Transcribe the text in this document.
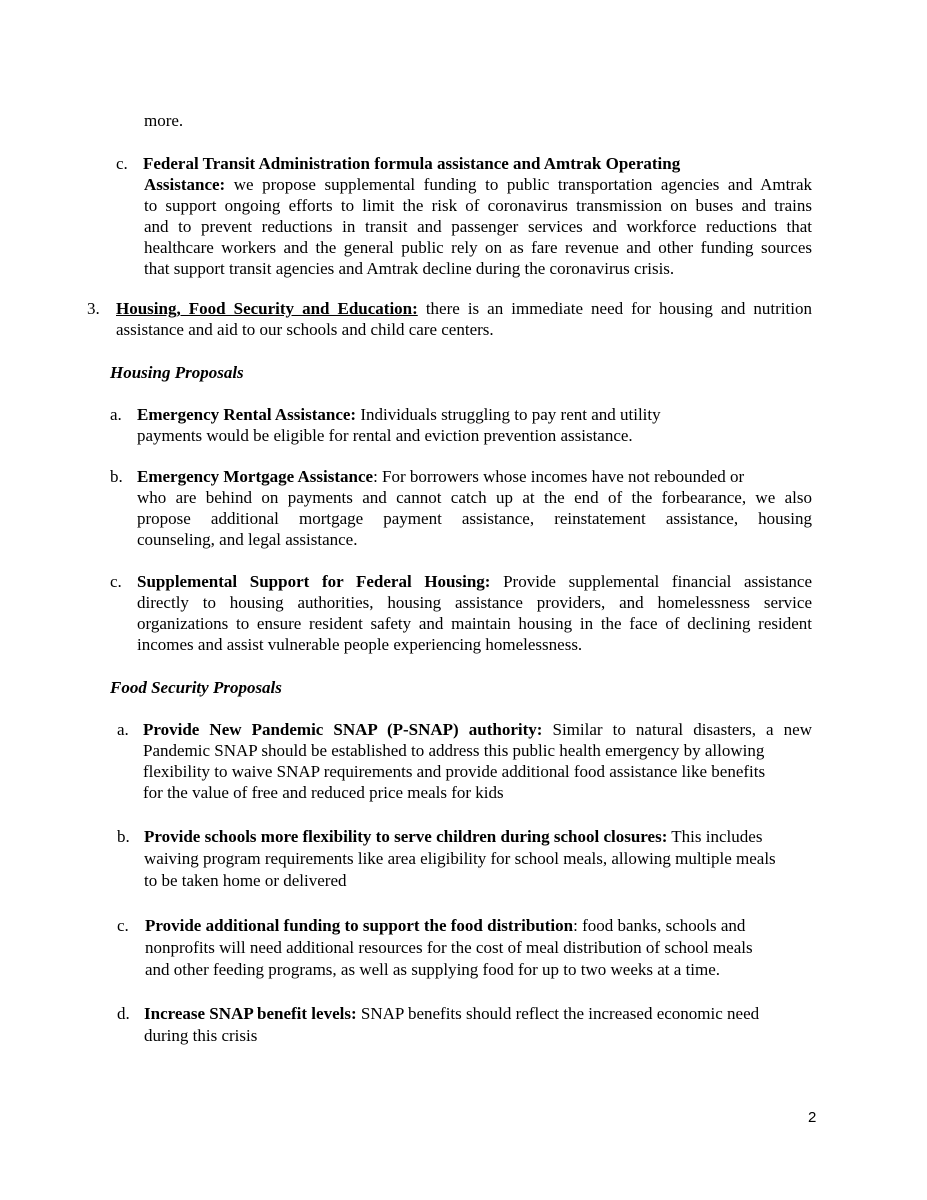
more.
c. Federal Transit Administration formula assistance and Amtrak Operating
Assistance: we propose supplemental funding to public transportation agencies and Amtrak
to support ongoing efforts to limit the risk of coronavirus transmission on buses and trains
and to prevent reductions in transit and passenger services and workforce reductions that
healthcare workers and the general public rely on as fare revenue and other funding sources
that support transit agencies and Amtrak decline during the coronavirus crisis.
3. Housing, Food Security and Education: there is an immediate need for housing and nutrition
assistance and aid to our schools and child care centers.
Housing Proposals
a. Emergency Rental Assistance: Individuals struggling to pay rent and utility
payments would be eligible for rental and eviction prevention assistance.
b. Emergency Mortgage Assistance: For borrowers whose incomes have not rebounded or
who are behind on payments and cannot catch up at the end of the forbearance, we also
propose additional mortgage payment assistance, reinstatement assistance, housing
counseling, and legal assistance.
c. Supplemental Support for Federal Housing: Provide supplemental financial assistance
directly to housing authorities, housing assistance providers, and homelessness service
organizations to ensure resident safety and maintain housing in the face of declining resident
incomes and assist vulnerable people experiencing homelessness.
Food Security Proposals
a. Provide New Pandemic SNAP (P-SNAP) authority: Similar to natural disasters, a new
Pandemic SNAP should be established to address this public health emergency by allowing
flexibility to waive SNAP requirements and provide additional food assistance like benefits
for the value of free and reduced price meals for kids
b. Provide schools more flexibility to serve children during school closures: This includes
waiving program requirements like area eligibility for school meals, allowing multiple meals
to be taken home or delivered
c. Provide additional funding to support the food distribution: food banks, schools and
nonprofits will need additional resources for the cost of meal distribution of school meals
and other feeding programs, as well as supplying food for up to two weeks at a time.
d. Increase SNAP benefit levels: SNAP benefits should reflect the increased economic need
during this crisis
2
